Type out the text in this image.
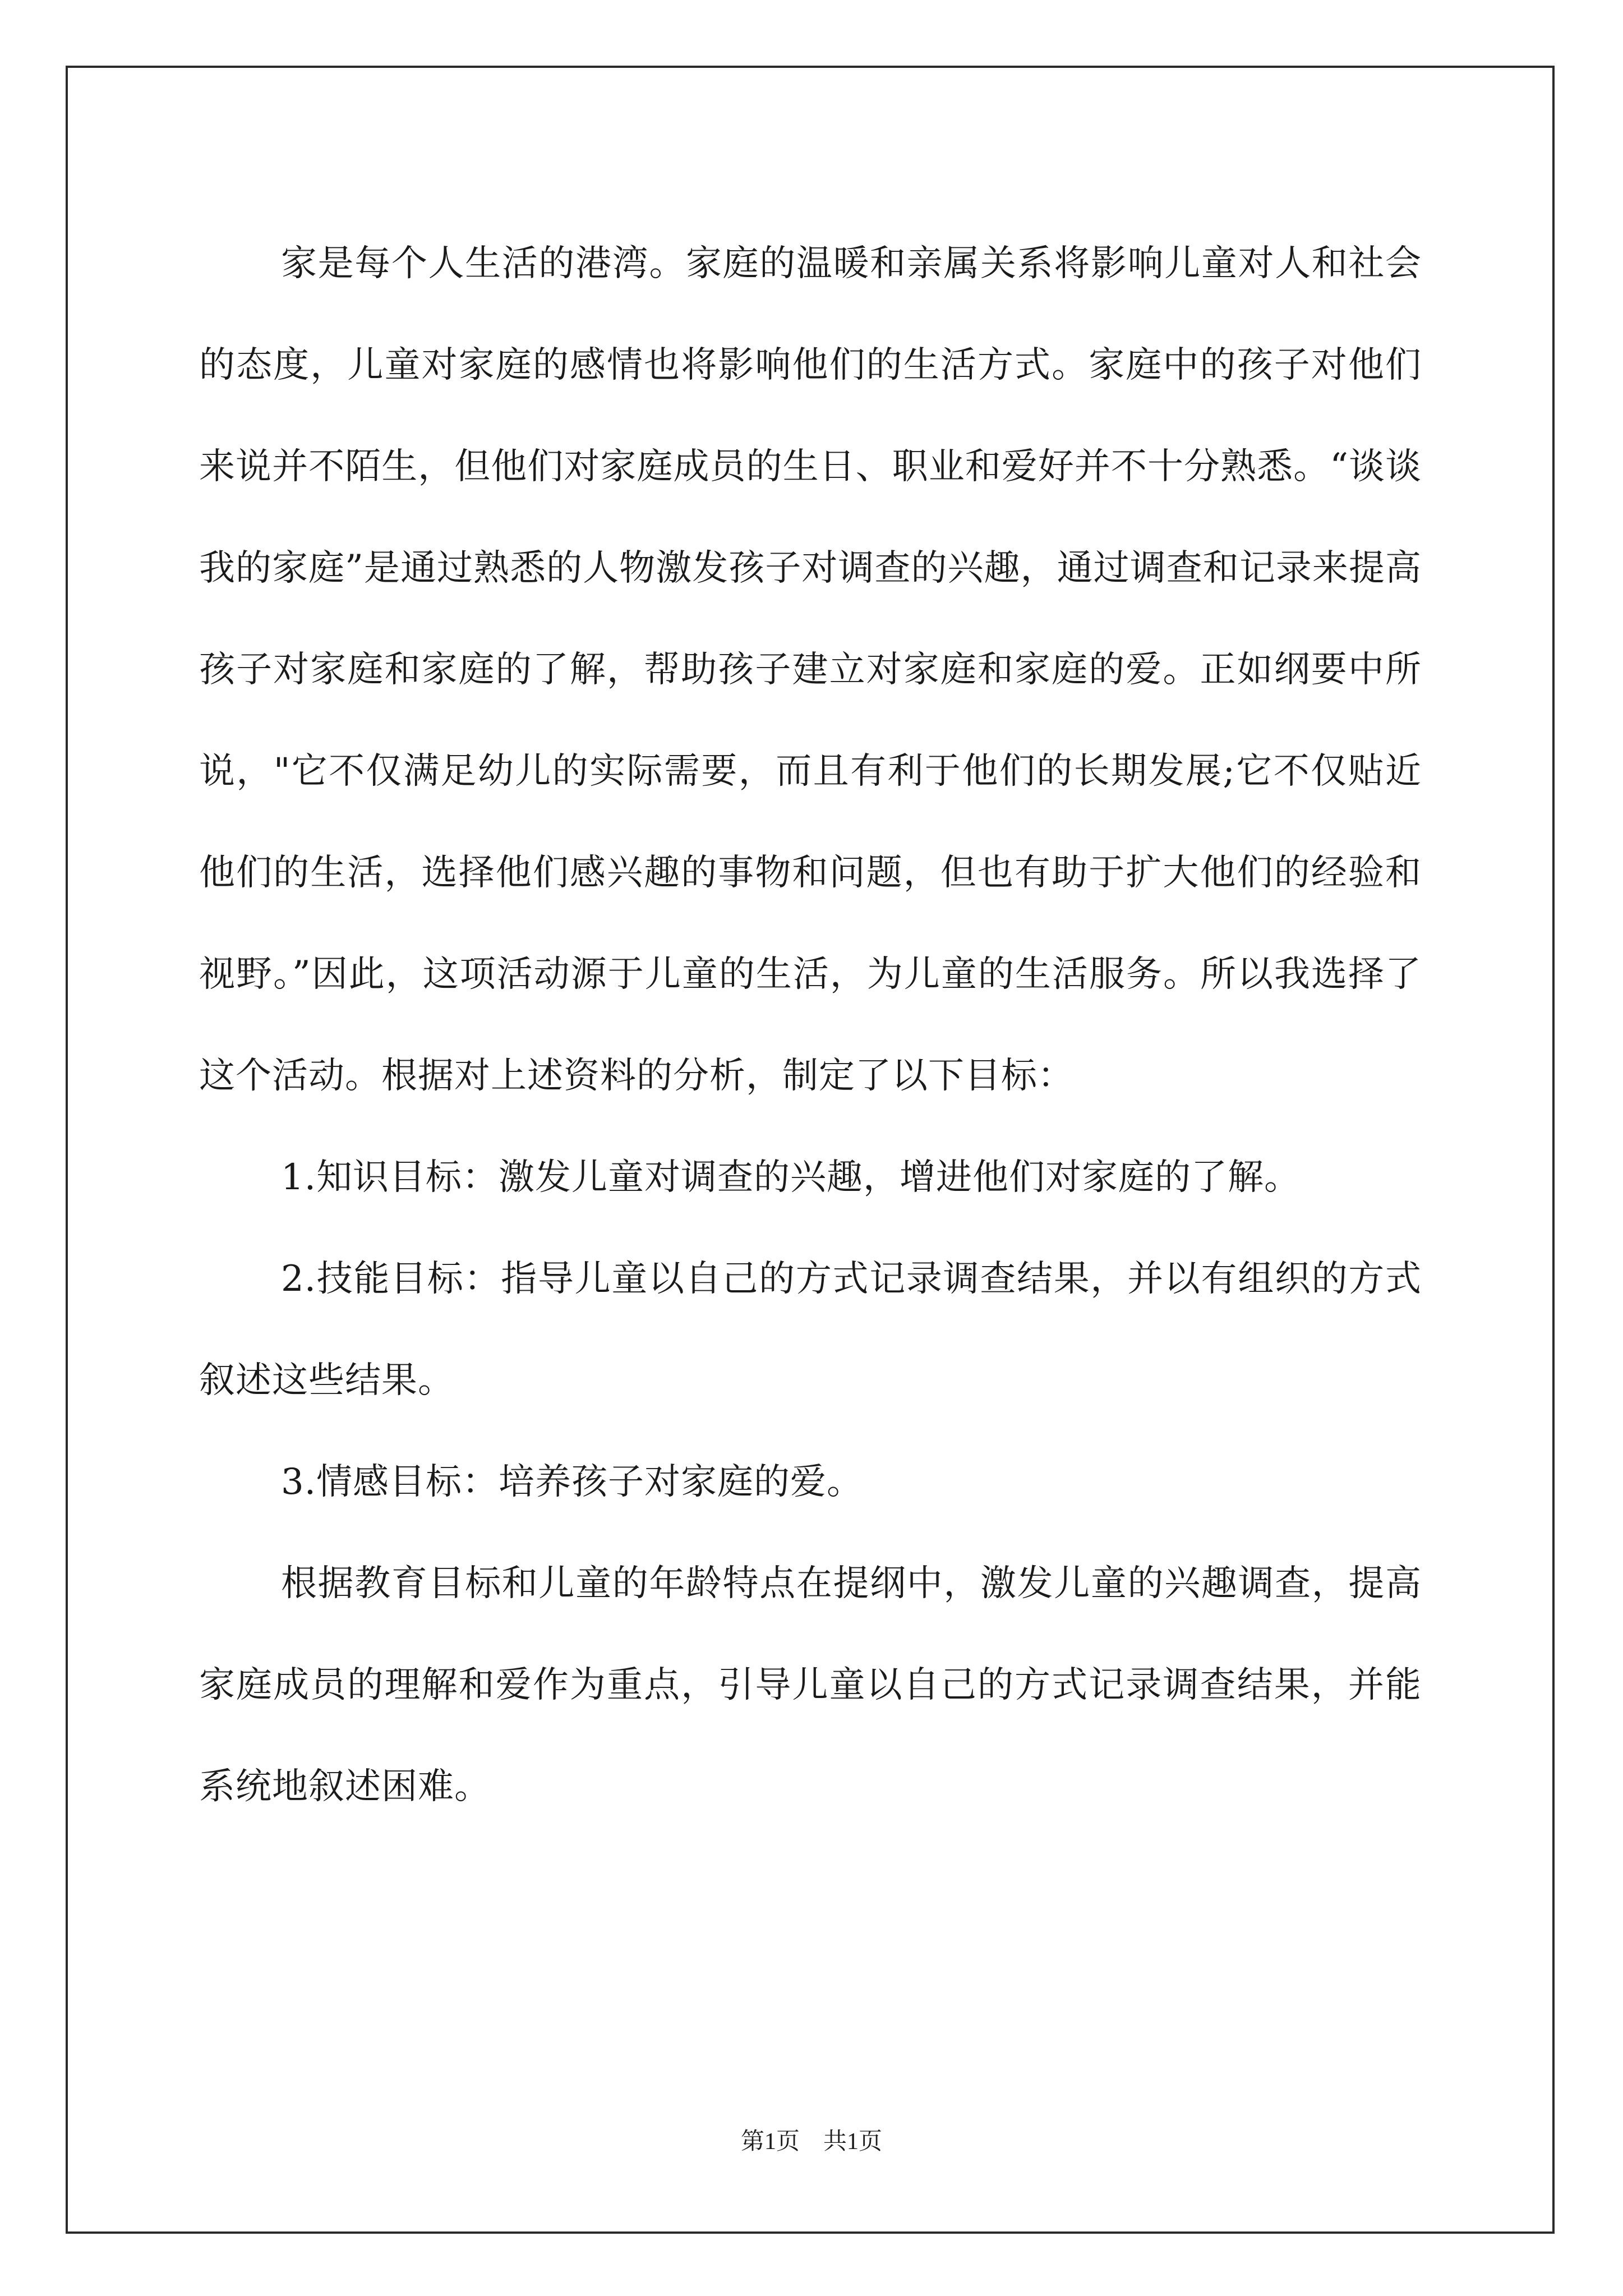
家是每个人生活的港湾。家庭的温暖和亲属关系将影响儿童对人和社会的态度，儿童对家庭的感情也将影响他们的生活方式。家庭中的孩子对他们来说并不陌生，但他们对家庭成员的生日、职业和爱好并不十分熟悉。“谈谈我的家庭”是通过熟悉的人物激发孩子对调查的兴趣，通过调查和记录来提高孩子对家庭和家庭的了解，帮助孩子建立对家庭和家庭的爱。正如纲要中所说，"它不仅满足幼儿的实际需要，而且有利于他们的长期发展;它不仅贴近他们的生活，选择他们感兴趣的事物和问题，但也有助于扩大他们的经验和视野。”因此，这项活动源于儿童的生活，为儿童的生活服务。所以我选择了这个活动。根据对上述资料的分析，制定了以下目标：

1.知识目标：激发儿童对调查的兴趣，增进他们对家庭的了解。

2.技能目标：指导儿童以自己的方式记录调查结果，并以有组织的方式叙述这些结果。

3.情感目标：培养孩子对家庭的爱。

根据教育目标和儿童的年龄特点在提纲中，激发儿童的兴趣调查，提高家庭成员的理解和爱作为重点，引导儿童以自己的方式记录调查结果，并能系统地叙述困难。

第1页　共1页
